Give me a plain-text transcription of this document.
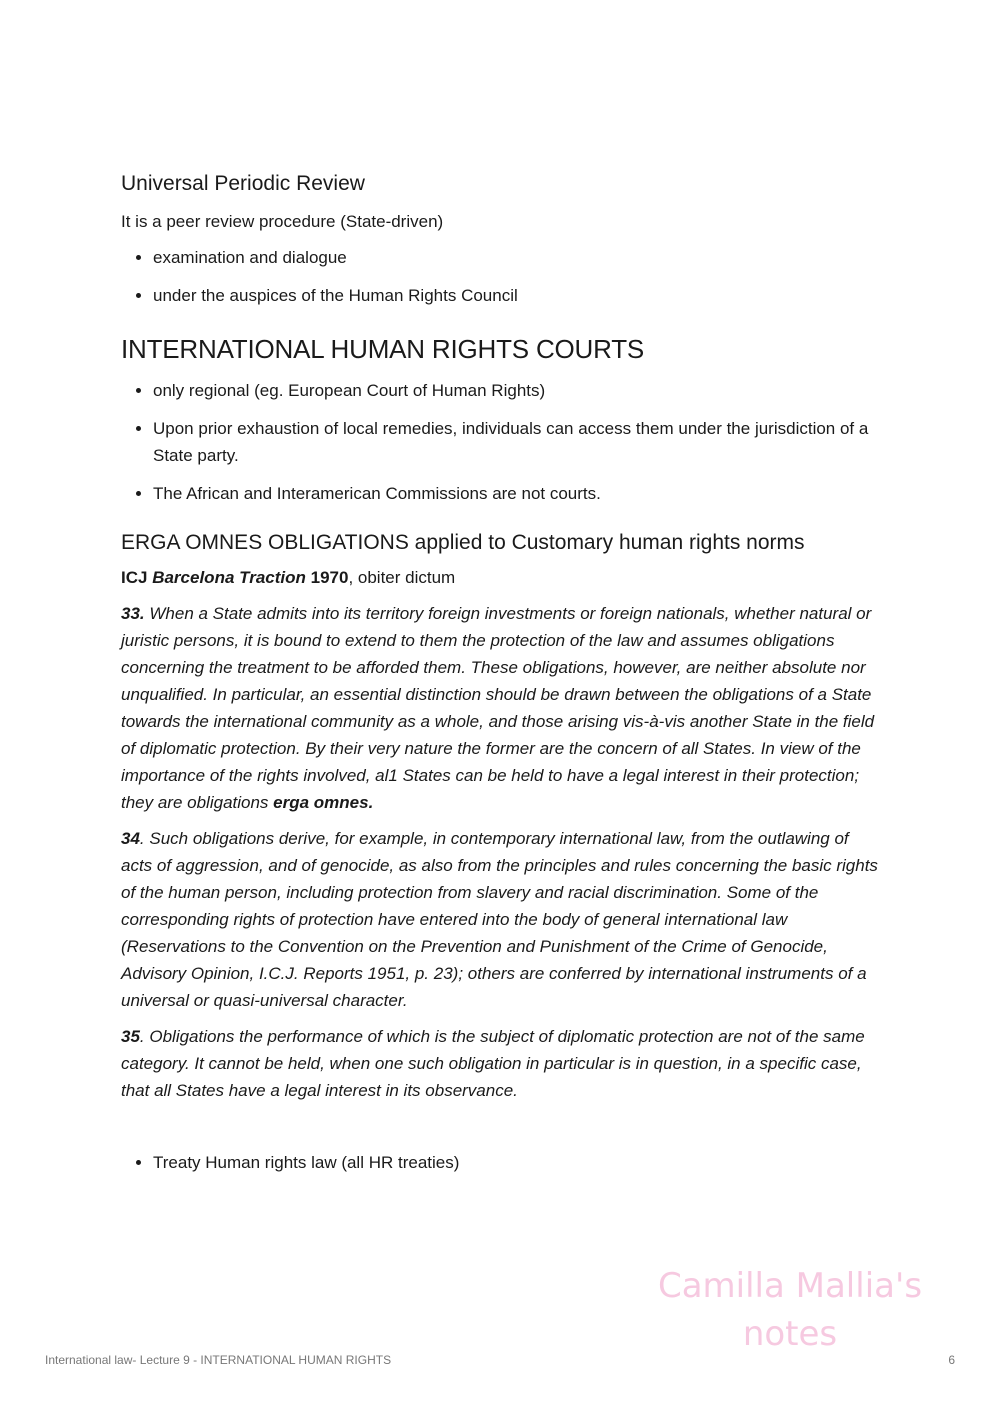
Universal Periodic Review

It is a peer review procedure (State-driven)

• examination and dialogue
• under the auspices of the Human Rights Council
INTERNATIONAL HUMAN RIGHTS COURTS
• only regional (eg. European Court of Human Rights)
• Upon prior exhaustion of local remedies, individuals can access them under the jurisdiction of a State party.
• The African and Interamerican Commissions are not courts.
ERGA OMNES OBLIGATIONS applied to Customary human rights norms

ICJ Barcelona Traction 1970, obiter dictum

33. When a State admits into its territory foreign investments or foreign nationals, whether natural or juristic persons, it is bound to extend to them the protection of the law and assumes obligations concerning the treatment to be afforded them. These obligations, however, are neither absolute nor unqualified. In particular, an essential distinction should be drawn between the obligations of a State towards the international community as a whole, and those arising vis-à-vis another State in the field of diplomatic protection. By their very nature the former are the concern of all States. In view of the importance of the rights involved, al1 States can be held to have a legal interest in their protection; they are obligations erga omnes.

34. Such obligations derive, for example, in contemporary international law, from the outlawing of acts of aggression, and of genocide, as also from the principles and rules concerning the basic rights of the human person, including protection from slavery and racial discrimination. Some of the corresponding rights of protection have entered into the body of general international law (Reservations to the Convention on the Prevention and Punishment of the Crime of Genocide, Advisory Opinion, I.C.J. Reports 1951, p. 23); others are conferred by international instruments of a universal or quasi-universal character.

35. Obligations the performance of which is the subject of diplomatic protection are not of the same category. It cannot be held, when one such obligation in particular is in question, in a specific case, that all States have a legal interest in its observance.

• Treaty Human rights law (all HR treaties)
Camilla Mallia's
notes
International law- Lecture 9 - INTERNATIONAL HUMAN RIGHTS	6
